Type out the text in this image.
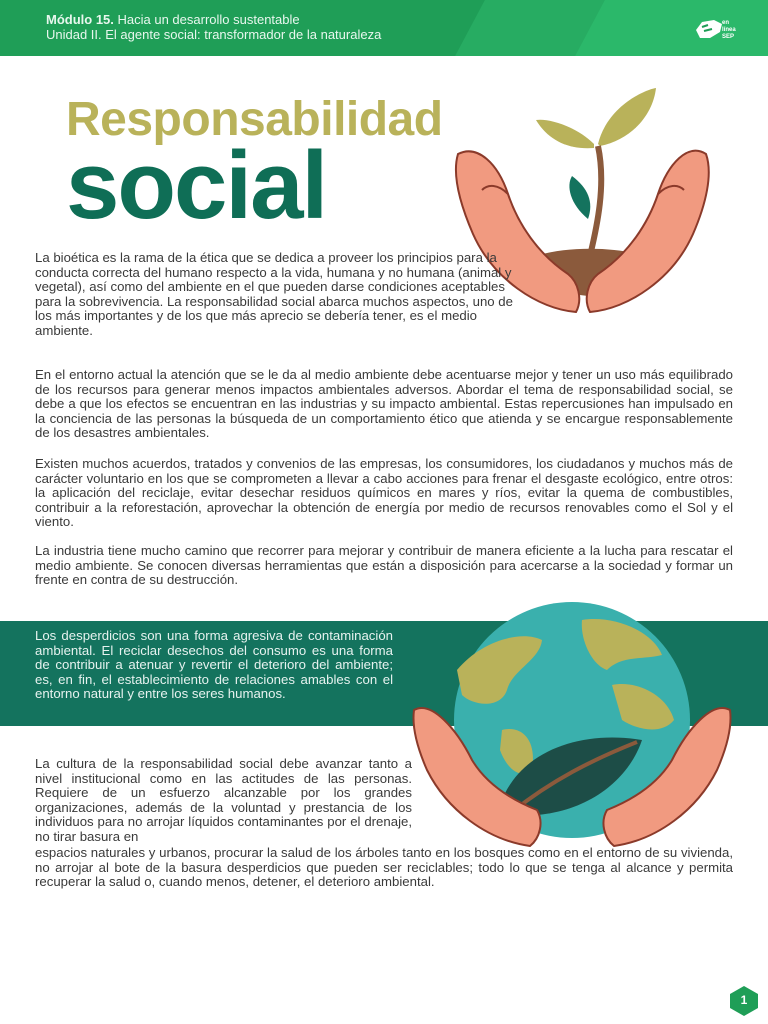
Módulo 15. Hacia un desarrollo sustentable
Unidad II. El agente social: transformador de la naturaleza
en
línea
SEP
Responsabilidad
social

La bioética es la rama de la ética que se dedica a proveer los principios para la conducta correcta del humano respecto a la vida, humana y no humana (animal y vegetal), así como del ambiente en el que pueden darse condiciones aceptables para la sobrevivencia. La responsabilidad social abarca muchos aspectos, uno de los más importantes y de los que más aprecio se debería tener, es el medio ambiente.

En el entorno actual la atención que se le da al medio ambiente debe acentuarse mejor y tener un uso más equilibrado de los recursos para generar menos impactos ambientales adversos. Abordar el tema de responsabilidad social, se debe a que los efectos se encuentran en las industrias y su impacto ambiental. Estas repercusiones han impulsado en la conciencia de las personas la búsqueda de un comportamiento ético que atienda y se encargue responsablemente de los desastres ambientales.

Existen muchos acuerdos, tratados y convenios de las empresas, los consumidores, los ciudadanos y muchos más de carácter voluntario en los que se comprometen a llevar a cabo acciones para frenar el desgaste ecológico, entre otros: la aplicación del reciclaje, evitar desechar residuos químicos en mares y ríos, evitar la quema de combustibles, contribuir a la reforestación, aprovechar la obtención de energía por medio de recursos renovables como el Sol y el viento.

La industria tiene mucho camino que recorrer para mejorar y contribuir de manera eficiente a la lucha para rescatar el medio ambiente. Se conocen diversas herramientas que están a disposición para acercarse a la sociedad y formar un frente en contra de su destrucción.

Los desperdicios son una forma agresiva de contaminación ambiental. El reciclar desechos del consumo es una forma de contribuir a atenuar y revertir el deterioro del ambiente; es, en fin, el establecimiento de relaciones amables con el entorno natural y entre los seres humanos.

La cultura de la responsabilidad social debe avanzar tanto a nivel institucional como en las actitudes de las personas. Requiere de un esfuerzo alcanzable por los grandes organizaciones, además de la voluntad y prestancia de los individuos para no arrojar líquidos contaminantes por el drenaje, no tirar basura en

espacios naturales y urbanos, procurar la salud de los árboles tanto en los bosques como en el entorno de su vivienda, no arrojar al bote de la basura desperdicios que pueden ser reciclables; todo lo que se tenga al alcance y permita recuperar la salud o, cuando menos, detener, el deterioro ambiental.

1
